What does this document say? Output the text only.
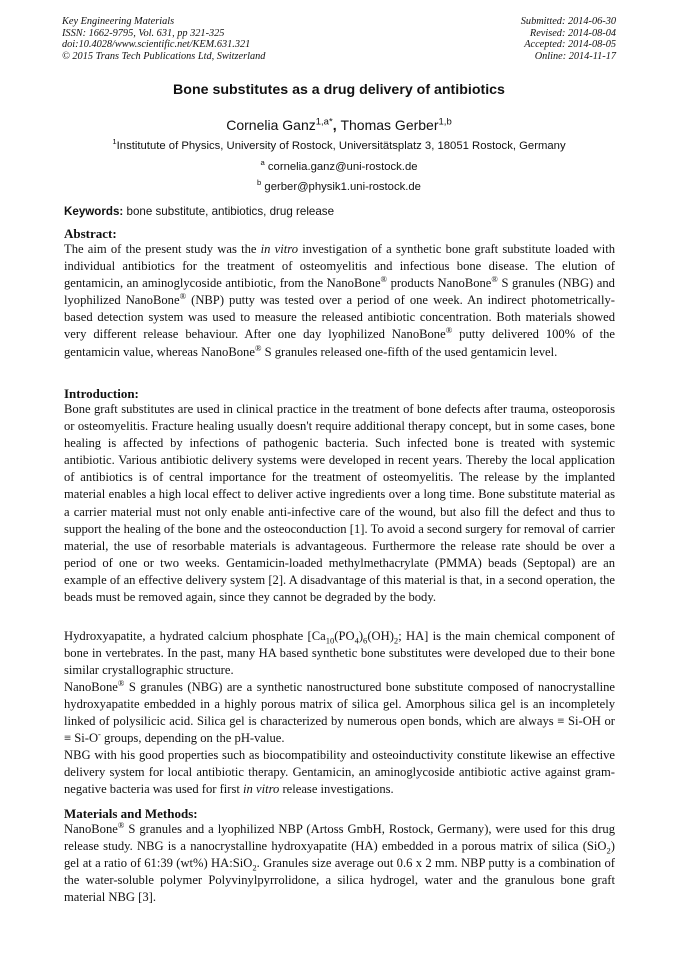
Key Engineering Materials
ISSN: 1662-9795, Vol. 631, pp 321-325
doi:10.4028/www.scientific.net/KEM.631.321
© 2015 Trans Tech Publications Ltd, Switzerland
Submitted: 2014-06-30
Revised: 2014-08-04
Accepted: 2014-08-05
Online: 2014-11-17
Bone substitutes as a drug delivery of antibiotics
Cornelia Ganz$^{1,a*}$, Thomas Gerber$^{1,b}$
$^1$Institutute of Physics, University of Rostock, Universitätsplatz 3, 18051 Rostock, Germany
$^a$ cornelia.ganz@uni-rostock.de
$^b$ gerber@physik1.uni-rostock.de
Keywords: bone substitute, antibiotics, drug release
Abstract:
The aim of the present study was the in vitro investigation of a synthetic bone graft substitute loaded with individual antibiotics for the treatment of osteomyelitis and infectious bone disease. The elution of gentamicin, an aminoglycoside antibiotic, from the NanoBone® products NanoBone® S granules (NBG) and lyophilized NanoBone® (NBP) putty was tested over a period of one week. An indirect photometrically-based detection system was used to measure the released antibiotic concentration. Both materials showed very different release behaviour. After one day lyophilized NanoBone® putty delivered 100% of the gentamicin value, whereas NanoBone® S granules released one-fifth of the used gentamicin level.
Introduction:
Bone graft substitutes are used in clinical practice in the treatment of bone defects after trauma, osteoporosis or osteomyelitis. Fracture healing usually doesn't require additional therapy concept, but in some cases, bone healing is affected by infections of pathogenic bacteria. Such infected bone is treated with systemic antibiotic. Various antibiotic delivery systems were developed in recent years. Thereby the local application of antibiotics is of central importance for the treatment of osteomyelitis. The release by the implanted material enables a high local effect to deliver active ingredients over a long time. Bone substitute material as a carrier material must not only enable anti-infective care of the wound, but also fill the defect and thus to support the healing of the bone and the osteoconduction [1]. To avoid a second surgery for removal of carrier material, the use of resorbable materials is advantageous. Furthermore the release rate should be over a period of one or two weeks. Gentamicin-loaded methylmethacrylate (PMMA) beads (Septopal) are an example of an effective delivery system [2]. A disadvantage of this material is that, in a second operation, the beads must be removed again, since they cannot be degraded by the body.
Hydroxyapatite, a hydrated calcium phosphate [$Ca_{10}(PO_4)_6(OH)_2$; HA] is the main chemical component of bone in vertebrates. In the past, many HA based synthetic bone substitutes were developed due to their bone similar crystallographic structure.
NanoBone® S granules (NBG) are a synthetic nanostructured bone substitute composed of nanocrystalline hydroxyapatite embedded in a highly porous matrix of silica gel. Amorphous silica gel is an incompletely linked of polysilicic acid. Silica gel is characterized by numerous open bonds, which are always ≡ Si-OH or ≡ Si-O- groups, depending on the pH-value.
NBG with his good properties such as biocompatibility and osteoinductivity constitute likewise an effective delivery system for local antibiotic therapy. Gentamicin, an aminoglycoside antibiotic active against gram-negative bacteria was used for first in vitro release investigations.
Materials and Methods:
NanoBone® S granules and a lyophilized NBP (Artoss GmbH, Rostock, Germany), were used for this drug release study. NBG is a nanocrystalline hydroxyapatite (HA) embedded in a porous matrix of silica (SiO$_2$) gel at a ratio of 61:39 (wt%) HA:SiO$_2$. Granules size average out 0.6 x 2 mm. NBP putty is a combination of the water-soluble polymer Polyvinylpyrrolidone, a silica hydrogel, water and the granulous bone graft material NBG [3].
